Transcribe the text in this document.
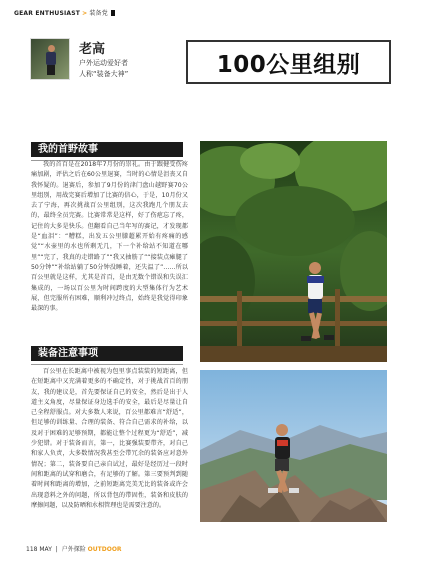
GEAR ENTHUSIAST > 装备党
老高
户外运动爱好者
人称“装备大神”	100公里组别
我的首野故事
我的首百是在2018年7月份的崇礼。由于跟健受伤疼痛加剧，评估之后在60公里退赛，当时的心情是沮丧又自我怀疑的。退赛后，参加了9月份的津门盘山越野赛70公里组别，用战完赛后增加了比赛的信心，于是，10月份又去了宁海，再次挑战百公里组别，这次我跑几个朋友去的，最终全员完赛。比赛常常是这样，好了伤疤忘了疼，记住的大多是快乐。但翻看自己当年写的赛记，才发现都是“血泪”：“糟糕，出发五公里膝超累开始有疼痛的感觉”“水壶里的水也所剩无几，下一个补给站不知道在哪里”“完了，我真的走错路了”“我又抽筋了”“接装点瘫腿了50分钟”“补给站躺了50分钟没睡着，还失温了”……所以百公里就是这样，尤其是首百，是由无数个错误和失误汇集成的，一场以百公里为时间跨度的大型集体行为艺术展，但完服所有困难，顺利冲过终点，始终是我觉得印象最深的事。
装备注意事项
百公里在长距离中被视为包里事点装装的短距离，但在短距离中又充满着更多的不确定性，对于挑战首百的朋友，我的建议是，首先要保证自己的安全，然后是出于人道主义角度，尽量保证身边选手的安全，最后是尽量让自己全程舒服点。对大多数人来说，百公里都难言“舒适”，但足够的训练量、合理的装备、符合自己需求的补给，以及对于困难的足够预期，都能让整个过程更为“舒适”，减少犯错。对于装备而言，第一，比赛强装要带齐，对自己和家人负责，大多数情况我甚至会带冗余的装备应对意外情况；第二，装备要自己亲自试过，最好是经历过一段时间和距离的试穿和磨合，有足够的了解。第三要预判到随着时间和距离的增加，之前短距离完美无比的装备或许会出现意料之外的问题，所以背包的带固性，装备和皮肤的摩擦问题，以及防晒和水相管理也是需要注意的。
118 MAY | 户外探险 OUTDOOR
